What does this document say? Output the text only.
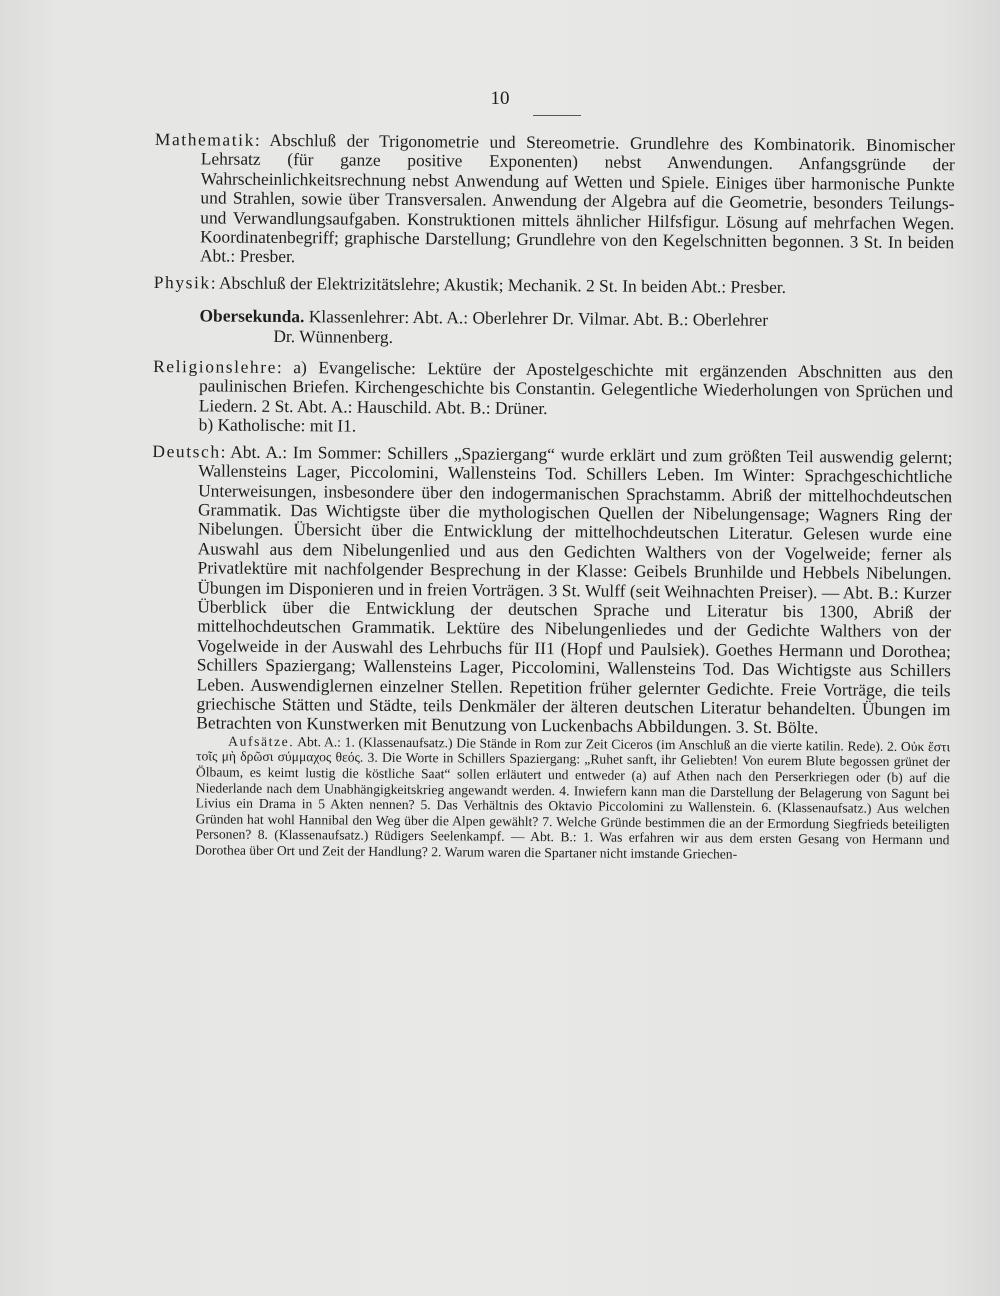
10

Mathematik: Abschluß der Trigonometrie und Stereometrie. Grundlehre des Kombinatorik. Binomischer Lehrsatz (für ganze positive Exponenten) nebst Anwendungen. Anfangsgründe der Wahrscheinlichkeitsrechnung nebst Anwendung auf Wetten und Spiele. Einiges über harmonische Punkte und Strahlen, sowie über Transversalen. Anwendung der Algebra auf die Geometrie, besonders Teilungs- und Verwandlungsaufgaben. Konstruktionen mittels ähnlicher Hilfsfigur. Lösung auf mehrfachen Wegen. Koordinatenbegriff; graphische Darstellung; Grundlehre von den Kegelschnitten begonnen. 3 St. In beiden Abt.: Presber.

Physik: Abschluß der Elektrizitätslehre; Akustik; Mechanik. 2 St. In beiden Abt.: Presber.

Obersekunda. Klassenlehrer: Abt. A.: Oberlehrer Dr. Vilmar. Abt. B.: Oberlehrer
Dr. Wünnenberg.

Religionslehre: a) Evangelische: Lektüre der Apostelgeschichte mit ergänzenden Abschnitten aus den paulinischen Briefen. Kirchengeschichte bis Constantin. Gelegentliche Wiederholungen von Sprüchen und Liedern. 2 St. Abt. A.: Hauschild. Abt. B.: Drüner.
b) Katholische: mit I1.

Deutsch: Abt. A.: Im Sommer: Schillers „Spaziergang“ wurde erklärt und zum größten Teil auswendig gelernt; Wallensteins Lager, Piccolomini, Wallensteins Tod. Schillers Leben. Im Winter: Sprachgeschichtliche Unterweisungen, insbesondere über den indogermanischen Sprachstamm. Abriß der mittelhochdeutschen Grammatik. Das Wichtigste über die mythologischen Quellen der Nibelungensage; Wagners Ring der Nibelungen. Übersicht über die Entwicklung der mittelhochdeutschen Literatur. Gelesen wurde eine Auswahl aus dem Nibelungenlied und aus den Gedichten Walthers von der Vogelweide; ferner als Privatlektüre mit nachfolgender Besprechung in der Klasse: Geibels Brunhilde und Hebbels Nibelungen. Übungen im Disponieren und in freien Vorträgen. 3 St. Wulff (seit Weihnachten Preiser). — Abt. B.: Kurzer Überblick über die Entwicklung der deutschen Sprache und Literatur bis 1300, Abriß der mittelhochdeutschen Grammatik. Lektüre des Nibelungenliedes und der Gedichte Walthers von der Vogelweide in der Auswahl des Lehrbuchs für II1 (Hopf und Paulsiek). Goethes Hermann und Dorothea; Schillers Spaziergang; Wallensteins Lager, Piccolomini, Wallensteins Tod. Das Wichtigste aus Schillers Leben. Auswendiglernen einzelner Stellen. Repetition früher gelernter Gedichte. Freie Vorträge, die teils griechische Stätten und Städte, teils Denkmäler der älteren deutschen Literatur behandelten. Übungen im Betrachten von Kunstwerken mit Benutzung von Luckenbachs Abbildungen. 3. St. Bölte.

Aufsätze. Abt. A.: 1. (Klassenaufsatz.) Die Stände in Rom zur Zeit Ciceros (im Anschluß an die vierte katilin. Rede). 2. Οὐκ ἔστι τοῖς μὴ δρῶσι σύμμαχος θεός. 3. Die Worte in Schillers Spaziergang: „Ruhet sanft, ihr Geliebten! Von eurem Blute begossen grünet der Ölbaum, es keimt lustig die köstliche Saat“ sollen erläutert und entweder (a) auf Athen nach den Perserkriegen oder (b) auf die Niederlande nach dem Unabhängigkeitskrieg angewandt werden. 4. Inwiefern kann man die Darstellung der Belagerung von Sagunt bei Livius ein Drama in 5 Akten nennen? 5. Das Verhältnis des Oktavio Piccolomini zu Wallenstein. 6. (Klassenaufsatz.) Aus welchen Gründen hat wohl Hannibal den Weg über die Alpen gewählt? 7. Welche Gründe bestimmen die an der Ermordung Siegfrieds beteiligten Personen? 8. (Klassenaufsatz.) Rüdigers Seelenkampf. — Abt. B.: 1. Was erfahren wir aus dem ersten Gesang von Hermann und Dorothea über Ort und Zeit der Handlung? 2. Warum waren die Spartaner nicht imstande Griechen-
